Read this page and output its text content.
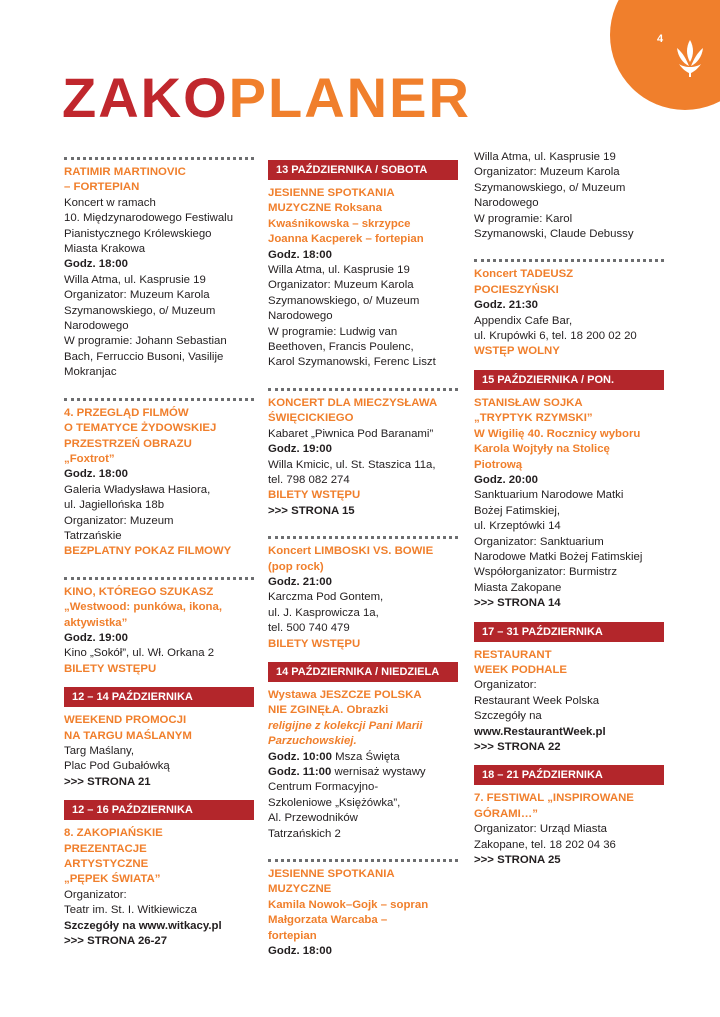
4
ZAKOPLANER
RATIMIR MARTINOVIC
– FORTEPIAN
Koncert w ramach
10. Międzynarodowego Festiwalu
Pianistycznego Królewskiego
Miasta Krakowa
Godz. 18:00
Willa Atma, ul. Kasprusie 19
Organizator: Muzeum Karola
Szymanowskiego, o/ Muzeum
Narodowego
W programie: Johann Sebastian
Bach, Ferruccio Busoni, Vasilije
Mokranjac
4. PRZEGLĄD FILMÓW
O TEMATYCE ŻYDOWSKIEJ
PRZESTRZEŃ OBRAZU
„Foxtrot”
Godz. 18:00
Galeria Władysława Hasiora,
ul. Jagiellońska 18b
Organizator: Muzeum
Tatrzańskie
BEZPLATNY POKAZ FILMOWY
KINO, KTÓREGO SZUKASZ
„Westwood: punkówa, ikona,
aktywistka”
Godz. 19:00
Kino „Sokół”, ul. Wł. Orkana 2
BILETY WSTĘPU
12 – 14 PAŹDZIERNIKA
WEEKEND PROMOCJI
NA TARGU MAŚLANYM
Targ Maślany,
Plac Pod Gubałówką
>>> STRONA 21
12 – 16 PAŹDZIERNIKA
8. ZAKOPIAŃSKIE
PREZENTACJE
ARTYSTYCZNE
„PĘPEK ŚWIATA”
Organizator:
Teatr im. St. I. Witkiewicza
Szczegóły na www.witkacy.pl
>>> STRONA 26-27
13 PAŹDZIERNIKA / SOBOTA
JESIENNE SPOTKANIA
MUZYCZNE Roksana
Kwaśnikowska – skrzypce
Joanna Kacperek – fortepian
Godz. 18:00
Willa Atma, ul. Kasprusie 19
Organizator: Muzeum Karola
Szymanowskiego, o/ Muzeum
Narodowego
W programie: Ludwig van
Beethoven, Francis Poulenc,
Karol Szymanowski, Ferenc Liszt
KONCERT DLA MIECZYSŁAWA
ŚWIĘCICKIEGO
Kabaret „Piwnica Pod Baranami”
Godz. 19:00
Willa Kmicic, ul. St. Staszica 11a,
tel. 798 082 274
BILETY WSTĘPU
>>> STRONA 15
Koncert LIMBOSKI VS. BOWIE
(pop rock)
Godz. 21:00
Karczma Pod Gontem,
ul. J. Kasprowicza 1a,
tel. 500 740 479
BILETY WSTĘPU
14 PAŹDZIERNIKA / NIEDZIELA
Wystawa JESZCZE POLSKA
NIE ZGINĘŁA. Obrazki
religijne z kolekcji Pani Marii
Parzuchowskiej.
Godz. 10:00 Msza Święta
Godz. 11:00 wernisaż wystawy
Centrum Formacyjno-
Szkoleniowe „Księżówka”,
Al. Przewodników
Tatrzańskich 2
JESIENNE SPOTKANIA
MUZYCZNE
Kamila Nowok–Gojk – sopran
Małgorzata Warcaba –
fortepian
Godz. 18:00
Willa Atma, ul. Kasprusie 19
Organizator: Muzeum Karola
Szymanowskiego, o/ Muzeum
Narodowego
W programie: Karol
Szymanowski, Claude Debussy
Koncert TADEUSZ
POCIESZYŃSKI
Godz. 21:30
Appendix Cafe Bar,
ul. Krupówki 6, tel. 18 200 02 20
WSTĘP WOLNY
15 PAŹDZIERNIKA / PON.
STANISŁAW SOJKA
„TRYPTYK RZYMSKI”
W Wigilię 40. Rocznicy wyboru
Karola Wojtyły na Stolicę
Piotrową
Godz. 20:00
Sanktuarium Narodowe Matki
Bożej Fatimskiej,
ul. Krzeptówki 14
Organizator: Sanktuarium
Narodowe Matki Bożej Fatimskiej
Współorganizator: Burmistrz
Miasta Zakopane
>>> STRONA 14
17 – 31 PAŹDZIERNIKA
RESTAURANT
WEEK PODHALE
Organizator:
Restaurant Week Polska
Szczegóły na
www.RestaurantWeek.pl
>>> STRONA 22
18 – 21 PAŹDZIERNIKA
7. FESTIWAL „INSPIROWANE
GÓRAMI…”
Organizator: Urząd Miasta
Zakopane, tel. 18 202 04 36
>>> STRONA 25
